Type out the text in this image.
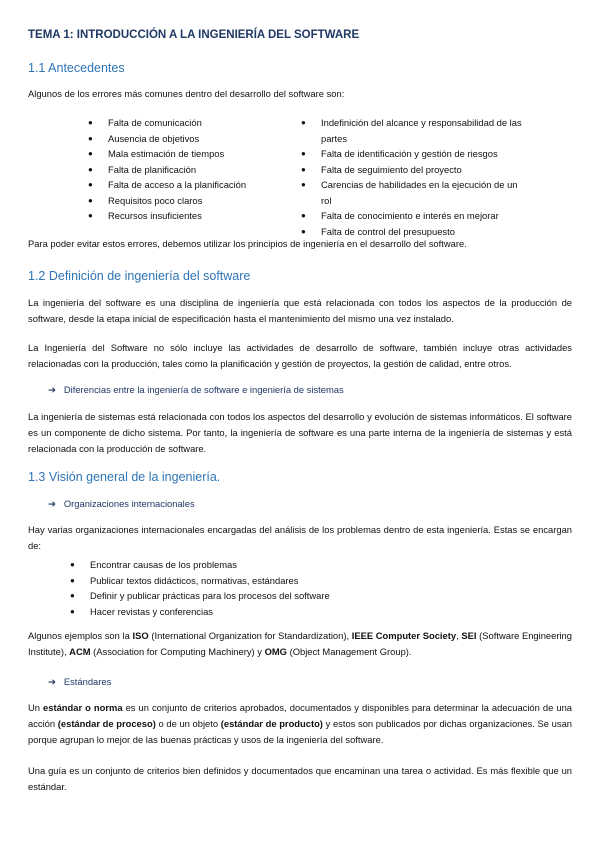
TEMA 1: INTRODUCCIÓN A LA INGENIERÍA DEL SOFTWARE
1.1 Antecedentes
Algunos de los errores más comunes dentro del desarrollo del software son:
● Falta de comunicación
● Ausencia de objetivos
● Mala estimación de tiempos
● Falta de planificación
● Falta de acceso a la planificación
● Requisitos poco claros
● Recursos insuficientes
● Indefinición del alcance y responsabilidad de las partes
● Falta de identificación y gestión de riesgos
● Falta de seguimiento del proyecto
● Carencias de habilidades en la ejecución de un rol
● Falta de conocimiento e interés en mejorar
● Falta de control del presupuesto
Para poder evitar estos errores, debemos utilizar los principios de ingeniería en el desarrollo del software.
1.2 Definición de ingeniería del software
La ingeniería del software es una disciplina de ingeniería que está relacionada con todos los aspectos de la producción de software, desde la etapa inicial de especificación hasta el mantenimiento del mismo una vez instalado.
La Ingeniería del Software no sólo incluye las actividades de desarrollo de software, también incluye otras actividades relacionadas con la producción, tales como la planificación y gestión de proyectos, la gestión de calidad, entre otros.
➔ Diferencias entre la ingeniería de software e ingeniería de sistemas
La ingeniería de sistemas está relacionada con todos los aspectos del desarrollo y evolución de sistemas informáticos. El software es un componente de dicho sistema. Por tanto, la ingeniería de software es una parte interna de la ingeniería de sistemas y está relacionada con la producción de software.
1.3 Visión general de la ingeniería.
➔ Organizaciones internacionales
Hay varias organizaciones internacionales encargadas del análisis de los problemas dentro de esta ingeniería. Estas se encargan de:
● Encontrar causas de los problemas
● Publicar textos didácticos, normativas, estándares
● Definir y publicar prácticas para los procesos del software
● Hacer revistas y conferencias
Algunos ejemplos son la ISO (International Organization for Standardization), IEEE Computer Society, SEI (Software Engineering Institute), ACM (Association for Computing Machinery) y OMG (Object Management Group).
➔ Estándares
Un estándar o norma es un conjunto de criterios aprobados, documentados y disponibles para determinar la adecuación de una acción (estándar de proceso) o de un objeto (estándar de producto) y estos son publicados por dichas organizaciones. Se usan porque agrupan lo mejor de las buenas prácticas y usos de la ingeniería del software.
Una guía es un conjunto de criterios bien definidos y documentados que encaminan una tarea o actividad. Es más flexible que un estándar.
